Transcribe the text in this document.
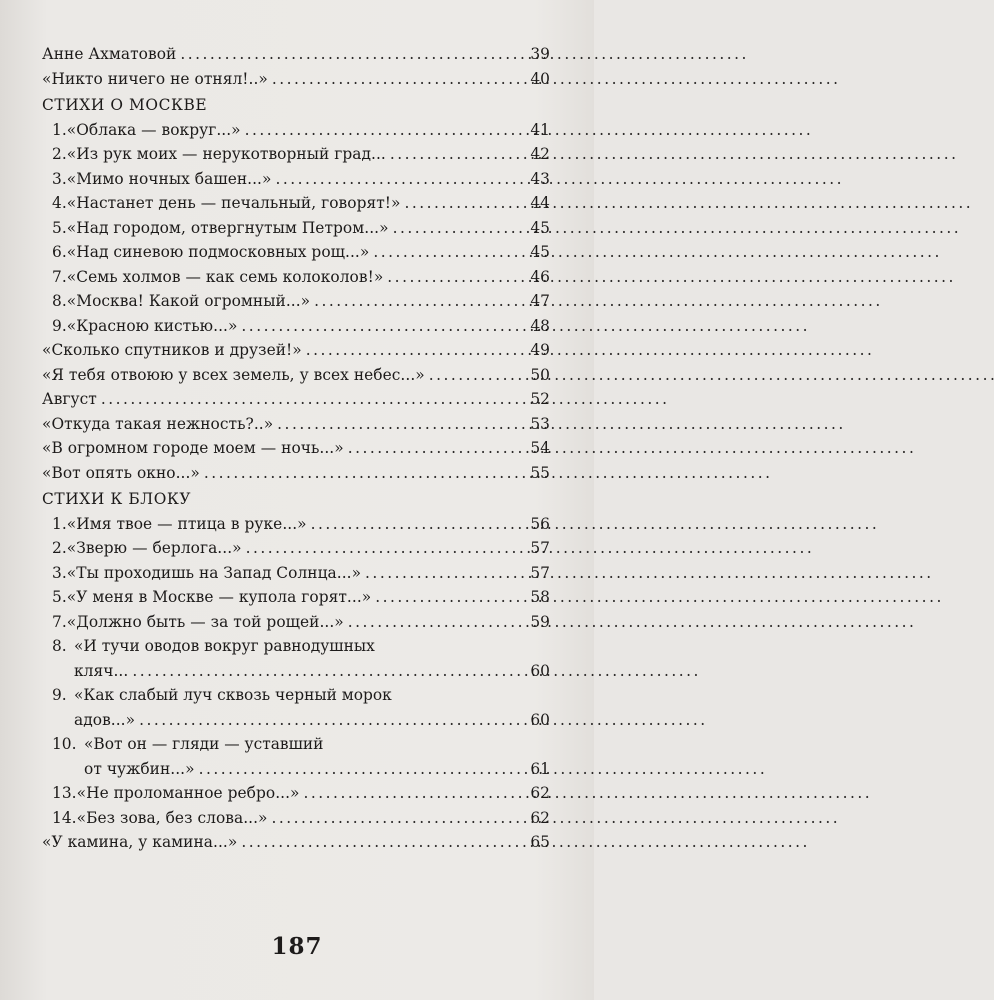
Анне Ахматовой . . .	39
«Никто ничего не отнял!..» . . .	40
СТИХИ О МОСКВЕ
1. «Облака — вокруг...» . . .	41
2. «Из рук моих — нерукотворный град... . . .	42
3. «Мимо ночных башен...» . . .	43
4. «Настанет день — печальный, говорят!» . . .	44
5. «Над городом, отвергнутым Петром...» . . .	45
6. «Над синевою подмосковных рощ...» . . .	45
7. «Семь холмов — как семь колоколов!» . . .	46
8. «Москва! Какой огромный...» . . .	47
9. «Красною кистью...» . . .	48
«Сколько спутников и друзей!» . . .	49
«Я тебя отвоюю у всех земель, у всех небес...» . . .	50
Август . . .	52
«Откуда такая нежность?..» . . .	53
«В огромном городе моем — ночь...» . . .	54
«Вот опять окно...» . . .	55
СТИХИ К БЛОКУ
1. «Имя твое — птица в руке...» . . .	56
2. «Зверю — берлога...» . . .	57
3. «Ты проходишь на Запад Солнца...» . . .	57
5. «У меня в Москве — купола горят...» . . .	58
7. «Должно быть — за той рощей...» . . .	59
8. «И тучи оводов вокруг равнодушных
кляч... . . .	60
9. «Как слабый луч сквозь черный морок
адов...» . . .	60
10. «Вот он — гляди — уставший
от чужбин...» . . .	61
13. «Не проломанное ребро...» . . .	62
14. «Без зова, без слова...» . . .	62
«У камина, у камина...» . . .	65
187
